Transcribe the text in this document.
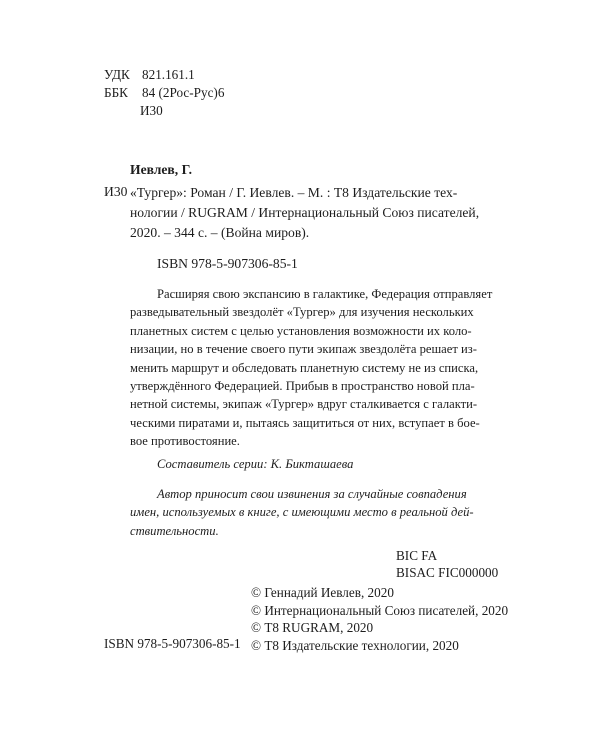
УДК 821.161.1
ББК 84 (2Рос-Рус)6
И30
Иевлев, Г.
И30 «Тургер»: Роман / Г. Иевлев. – М. : Т8 Издательские тех-
нологии / RUGRAM / Интернациональный Союз писателей,
2020. – 344 с. – (Война миров).
ISBN 978-5-907306-85-1
Расширяя свою экспансию в галактике, Федерация отправляет
разведывательный звездолёт «Тургер» для изучения нескольких
планетных систем с целью установления возможности их коло-
низации, но в течение своего пути экипаж звездолёта решает из-
менить маршрут и обследовать планетную систему не из списка,
утверждённого Федерацией. Прибыв в пространство новой пла-
нетной системы, экипаж «Тургер» вдруг сталкивается с галакти-
ческими пиратами и, пытаясь защититься от них, вступает в бое-
вое противостояние.
Составитель серии: К. Бикташаева
Автор приносит свои извинения за случайные совпадения
имен, используемых в книге, с имеющими место в реальной дей-
ствительности.
BIC FA
BISAC FIC000000
© Геннадий Иевлев, 2020
© Интернациональный Союз писателей, 2020
© Т8 RUGRAM, 2020
© Т8 Издательские технологии, 2020
ISBN 978-5-907306-85-1
